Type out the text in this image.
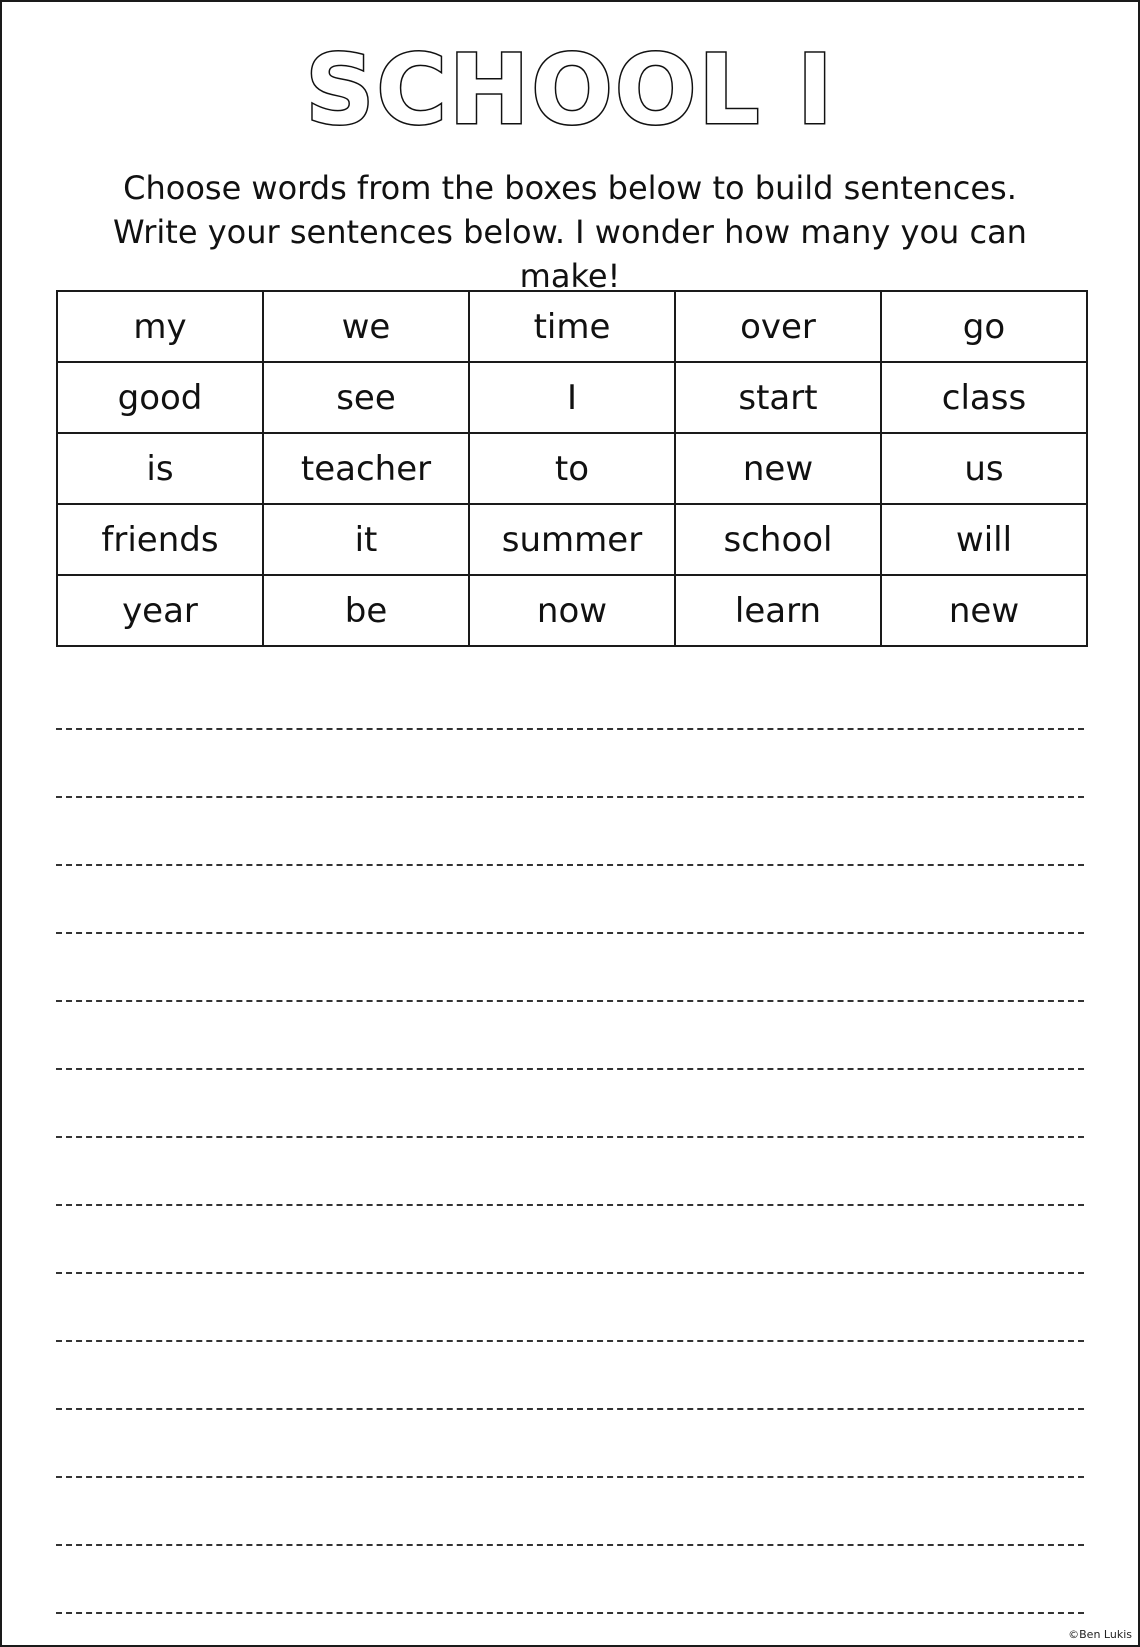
SCHOOL I
Choose words from the boxes below to build sentences. Write your sentences below. I wonder how many you can make!
my	we	time	over	go
good	see	I	start	class
is	teacher	to	new	us
friends	it	summer	school	will
year	be	now	learn	new
©Ben Lukis
